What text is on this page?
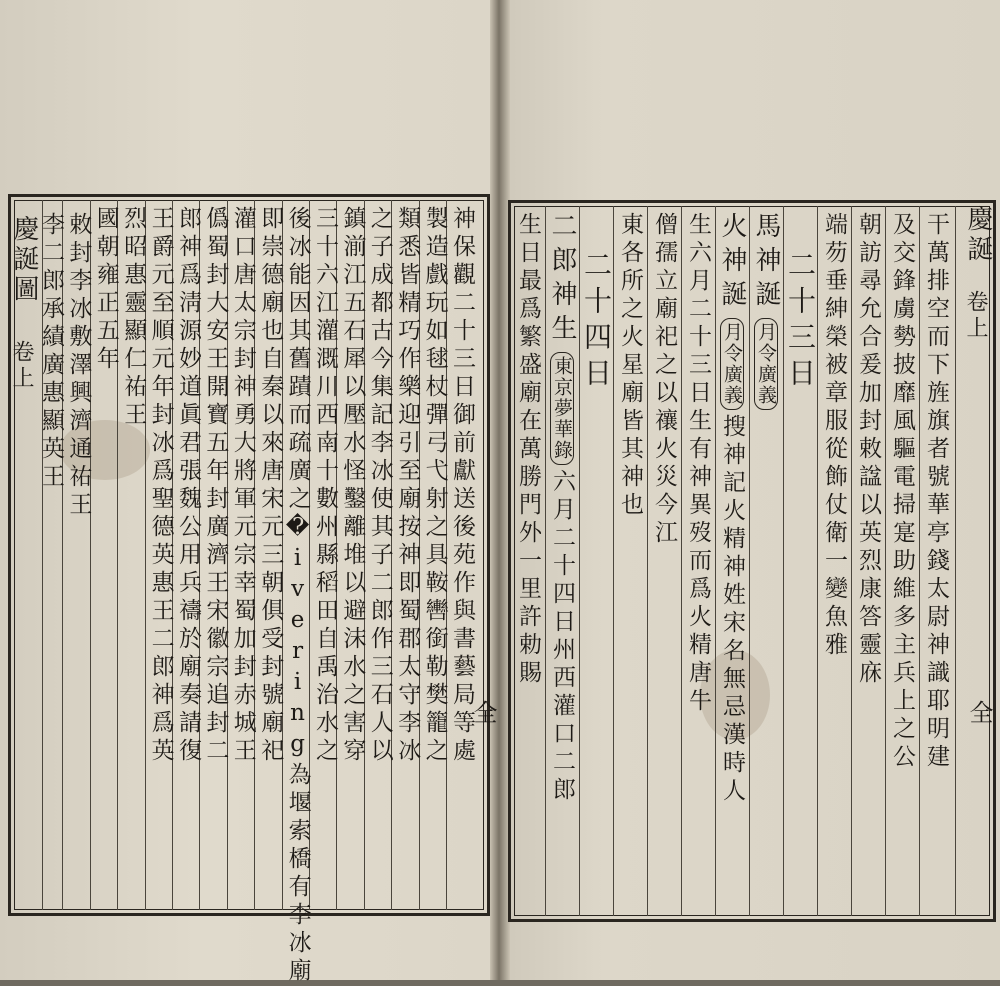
慶誕圖
卷上	神保觀二十三日御前獻送後苑作與書藝局等處
製造戲玩如毬杖彈弓弋射之具鞍轡銜勒樊籠之
類悉皆精巧作樂迎引至廟按神即蜀郡太守李冰
之子成都古今集記李冰使其子二郎作三石人以
鎮湔江五石犀以壓水怪鑿離堆以避沫水之害穿
三十六江灌溉川西南十數州縣稻田自禹治水之
後冰能因其舊蹟而疏廣之�ivering為堰索橋有李冰廟
即崇德廟也自秦以來唐宋元三朝俱受封號廟祀
灌口唐太宗封神勇大將軍元宗幸蜀加封赤城王
僞蜀封大安王開寶五年封廣濟王宋徽宗追封二
郎神爲淸源妙道眞君張魏公用兵禱於廟奏請復
王爵元至順元年封冰爲聖德英惠王二郎神爲英
烈昭惠靈顯仁祐王
國朝雍正五年
敕封李冰敷澤興濟通祐王
李二郎承績廣惠顯英王	慶誕
卷上
全
全	干萬排空而下旌旗者號華亭錢太尉神識耶明建
及交鋒虜勢披靡風驅電掃寔助維多主兵上之公
朝訪尋允合爰加封敕諡以英烈康答靈庥
端芴垂紳榮被章服從飾仗衛一變魚雅
二十三日
馬神誕月令廣義
火神誕月令廣義搜神記火精神姓宋名無忌漢時人
生六月二十三日生有神異歿而爲火精唐牛
僧孺立廟祀之以禳火災今江
東各所之火星廟皆其神也
二十四日
二郎神生東京夢華錄六月二十四日州西灌口二郎
生日最爲繁盛廟在萬勝門外一里許勅賜
